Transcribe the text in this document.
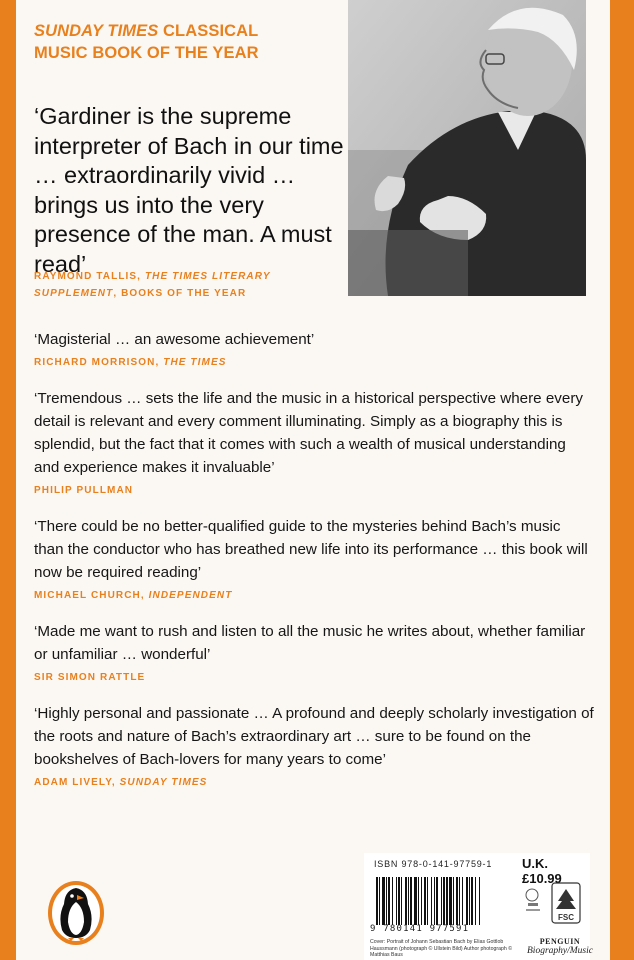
SUNDAY TIMES CLASSICAL
MUSIC BOOK OF THE YEAR
‘Gardiner is the supreme interpreter of Bach in our time … extraordinarily vivid … brings us into the very presence of the man. A must read’
RAYMOND TALLIS, THE TIMES LITERARY SUPPLEMENT, BOOKS OF THE YEAR
‘Magisterial … an awesome achievement’
RICHARD MORRISON, THE TIMES
‘Tremendous … sets the life and the music in a historical perspective where every detail is relevant and every comment illuminating. Simply as a biography this is splendid, but the fact that it comes with such a wealth of musical understanding and experience makes it invaluable’
PHILIP PULLMAN
‘There could be no better-qualified guide to the mysteries behind Bach’s music than the conductor who has breathed new life into its performance … this book will now be required reading’
MICHAEL CHURCH, INDEPENDENT
‘Made me want to rush and listen to all the music he writes about, whether familiar or unfamiliar … wonderful’
SIR SIMON RATTLE
‘Highly personal and passionate … A profound and deeply scholarly investigation of the roots and nature of Bach’s extraordinary art … sure to be found on the bookshelves of Bach-lovers for many years to come’
ADAM LIVELY, SUNDAY TIMES
ISBN 978-0-141-97759-1 U.K. £10.99
9 780141 977591
Cover: Portrait of Johann Sebastian Bach by Elias Gottlob Haussmann (photograph © Ullstein Bild) Author photograph © Matthias Baus
FSC
PENGUIN
Biography/Music
